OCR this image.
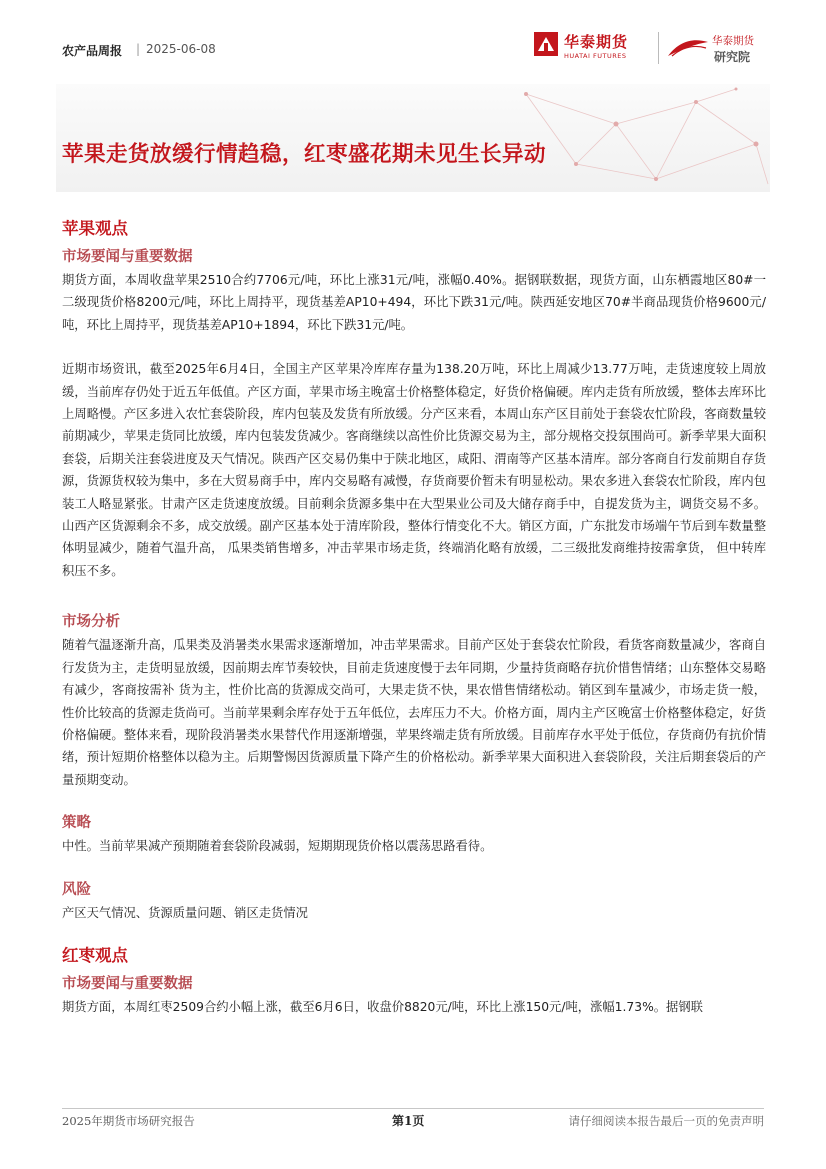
农产品周报 | 2025-06-08	华泰期货
HUATAI FUTURES
华泰期货
研究院
苹果走货放缓行情趋稳，红枣盛花期未见生长异动
苹果观点
市场要闻与重要数据

期货方面，本周收盘苹果2510合约7706元/吨，环比上涨31元/吨，涨幅0.40%。据钢联数据，现货方面，山东栖霞地区80#一二级现货价格8200元/吨，环比上周持平，现货基差AP10+494，环比下跌31元/吨。陕西延安地区70#半商品现货价格9600元/吨，环比上周持平，现货基差AP10+1894，环比下跌31元/吨。

近期市场资讯，截至2025年6月4日，全国主产区苹果冷库库存量为138.20万吨，环比上周减少13.77万吨，走货速度较上周放缓，当前库存仍处于近五年低值。产区方面，苹果市场主晚富士价格整体稳定，好货价格偏硬。库内走货有所放缓，整体去库环比上周略慢。产区多进入农忙套袋阶段，库内包装及发货有所放缓。分产区来看，本周山东产区目前处于套袋农忙阶段，客商数量较前期减少，苹果走货同比放缓，库内包装发货减少。客商继续以高性价比货源交易为主，部分规格交投氛围尚可。新季苹果大面积套袋，后期关注套袋进度及天气情况。陕西产区交易仍集中于陕北地区，咸阳、渭南等产区基本清库。部分客商自行发前期自存货源，货源货权较为集中，多在大贸易商手中，库内交易略有减慢，存货商要价暂未有明显松动。果农多进入套袋农忙阶段，库内包装工人略显紧张。甘肃产区走货速度放缓。目前剩余货源多集中在大型果业公司及大储存商手中，自提发货为主，调货交易不多。山西产区货源剩余不多，成交放缓。副产区基本处于清库阶段，整体行情变化不大。销区方面，广东批发市场端午节后到车数量整体明显减少，随着气温升高， 瓜果类销售增多，冲击苹果市场走货，终端消化略有放缓，二三级批发商维持按需拿货， 但中转库积压不多。

市场分析

随着气温逐渐升高，瓜果类及消暑类水果需求逐渐增加，冲击苹果需求。目前产区处于套袋农忙阶段，看货客商数量减少，客商自行发货为主，走货明显放缓，因前期去库节奏较快，目前走货速度慢于去年同期，少量持货商略存抗价惜售情绪；山东整体交易略有减少，客商按需补 货为主，性价比高的货源成交尚可，大果走货不快，果农惜售情绪松动。销区到车量减少，市场走货一般，性价比较高的货源走货尚可。当前苹果剩余库存处于五年低位，去库压力不大。价格方面，周内主产区晚富士价格整体稳定，好货价格偏硬。整体来看，现阶段消暑类水果替代作用逐渐增强，苹果终端走货有所放缓。目前库存水平处于低位，存货商仍有抗价情绪，预计短期价格整体以稳为主。后期警惕因货源质量下降产生的价格松动。新季苹果大面积进入套袋阶段，关注后期套袋后的产量预期变动。

策略

中性。当前苹果减产预期随着套袋阶段减弱，短期期现货价格以震荡思路看待。

风险

产区天气情况、货源质量问题、销区走货情况

红枣观点
市场要闻与重要数据

期货方面，本周红枣2509合约小幅上涨，截至6月6日，收盘价8820元/吨，环比上涨150元/吨，涨幅1.73%。据钢联

2025年期货市场研究报告	第1页	请仔细阅读本报告最后一页的免责声明
